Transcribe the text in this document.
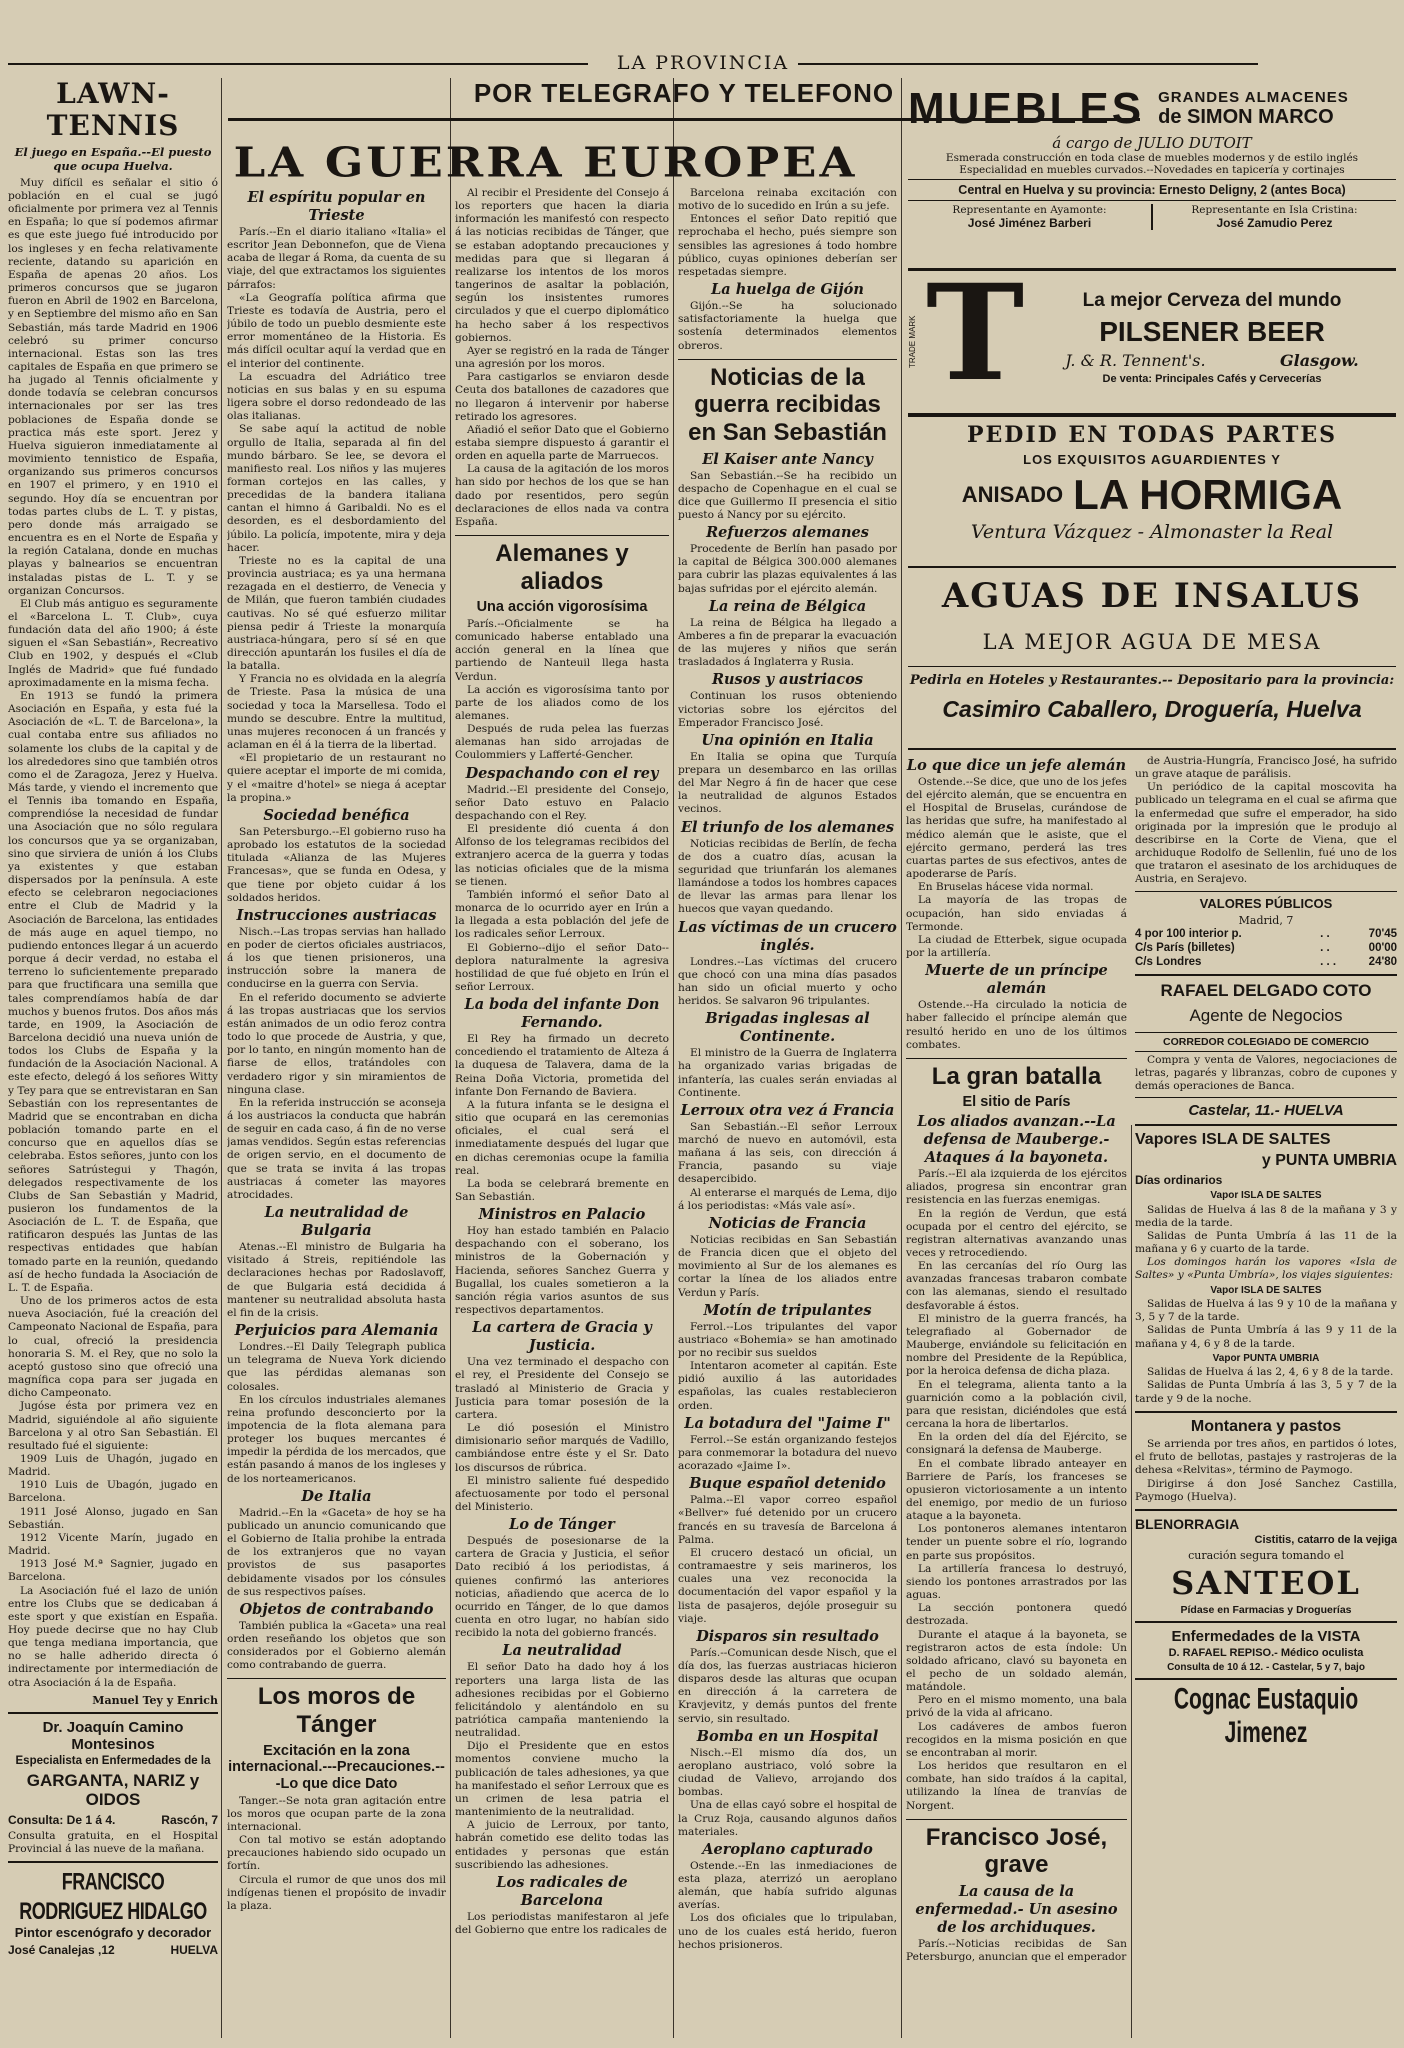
LA PROVINCIA
LAWN-TENNIS
El juego en España.--El puesto que ocupa Huelva.

Muy difícil es señalar el sitio ó población en el cual se jugó oficialmente por primera vez al Tennis en España; lo que sí podemos afirmar es que este juego fué introducido por los ingleses y en fecha relativamente reciente, datando su aparición en España de apenas 20 años. Los primeros concursos que se jugaron fueron en Abril de 1902 en Barcelona, y en Septiembre del mismo año en San Sebastián, más tarde Madrid en 1906 celebró su primer concurso internacional. Estas son las tres capitales de España en que primero se ha jugado al Tennis oficialmente y donde todavía se celebran concursos internacionales por ser las tres poblaciones de España donde se practica más este sport. Jerez y Huelva siguieron inmediatamente al movimiento tennistico de España, organizando sus primeros concursos en 1907 el primero, y en 1910 el segundo. Hoy día se encuentran por todas partes clubs de L. T. y pistas, pero donde más arraigado se encuentra es en el Norte de España y la región Catalana, donde en muchas playas y balnearios se encuentran instaladas pistas de L. T. y se organizan Concursos.

El Club más antiguo es seguramente el «Barcelona L. T. Club», cuya fundación data del año 1900; á éste siguen el «San Sebastián», Recreativo Club en 1902, y después el «Club Inglés de Madrid» que fué fundado aproximadamente en la misma fecha.

En 1913 se fundó la primera Asociación en España, y esta fué la Asociación de «L. T. de Barcelona», la cual contaba entre sus afiliados no solamente los clubs de la capital y de los alrededores sino que también otros como el de Zaragoza, Jerez y Huelva. Más tarde, y viendo el incremento que el Tennis iba tomando en España, comprendióse la necesidad de fundar una Asociación que no sólo regulara los concursos que ya se organizaban, sino que sirviera de unión á los Clubs ya existentes y que estaban dispersados por la península. A este efecto se celebraron negociaciones entre el Club de Madrid y la Asociación de Barcelona, las entidades de más auge en aquel tiempo, no pudiendo entonces llegar á un acuerdo porque á decir verdad, no estaba el terreno lo suficientemente preparado para que fructificara una semilla que tales comprendíamos había de dar muchos y buenos frutos. Dos años más tarde, en 1909, la Asociación de Barcelona decidió una nueva unión de todos los Clubs de España y la fundación de la Asociación Nacional. A este efecto, delegó á los señores Witty y Tey para que se entrevistaran en San Sebastián con los representantes de Madrid que se encontraban en dicha población tomando parte en el concurso que en aquellos días se celebraba. Estos señores, junto con los señores Satrústegui y Thagón, delegados respectivamente de los Clubs de San Sebastián y Madrid, pusieron los fundamentos de la Asociación de L. T. de España, que ratificaron después las Juntas de las respectivas entidades que habían tomado parte en la reunión, quedando así de hecho fundada la Asociación de L. T. de España.

Uno de los primeros actos de esta nueva Asociación, fué la creación del Campeonato Nacional de España, para lo cual, ofreció la presidencia honoraria S. M. el Rey, que no solo la aceptó gustoso sino que ofreció una magnífica copa para ser jugada en dicho Campeonato.

Jugóse ésta por primera vez en Madrid, siguiéndole al año siguiente Barcelona y al otro San Sebastián. El resultado fué el siguiente:

1909 Luis de Uhagón, jugado en Madrid.

1910 Luis de Ubagón, jugado en Barcelona.

1911 José Alonso, jugado en San Sebastián.

1912 Vicente Marín, jugado en Madrid.

1913 José M.ª Sagnier, jugado en Barcelona.

La Asociación fué el lazo de unión entre los Clubs que se dedicaban á este sport y que existían en España. Hoy puede decirse que no hay Club que tenga mediana importancia, que no se halle adherido directa ó indirectamente por intermediación de otra Asociación á la de España.

Manuel Tey y Enrich
Dr. Joaquín Camino Montesinos
Especialista en Enfermedades de la
GARGANTA, NARIZ y OIDOS
Consulta: De 1 á 4.	Rascón, 7

Consulta gratuita, en el Hospital Provincial á las nueve de la mañana.

FRANCISCO RODRIGUEZ HIDALGO
Pintor escenógrafo y decorador
José Canalejas ,12	HUELVA
POR TELEGRAFO Y TELEFONO
LA GUERRA EUROPEA
El espíritu popular en Trieste

París.--En el diario italiano «Italia» el escritor Jean Debonnefon, que de Viena acaba de llegar á Roma, da cuenta de su viaje, del que extractamos los siguientes párrafos:

«La Geografía política afirma que Trieste es todavía de Austria, pero el júbilo de todo un pueblo desmiente este error momentáneo de la Historia. Es más difícil ocultar aquí la verdad que en el interior del continente.

La escuadra del Adriático tree noticias en sus balas y en su espuma ligera sobre el dorso redondeado de las olas italianas.

Se sabe aquí la actitud de noble orgullo de Italia, separada al fin del mundo bárbaro. Se lee, se devora el manifiesto real. Los niños y las mujeres forman cortejos en las calles, y precedidas de la bandera italiana cantan el himno á Garibaldi. No es el desorden, es el desbordamiento del júbilo. La policía, impotente, mira y deja hacer.

Trieste no es la capital de una provincia austriaca; es ya una hermana rezagada en el destierro, de Venecia y de Milán, que fueron también ciudades cautivas. No sé qué esfuerzo militar piensa pedir á Trieste la monarquía austriaca-húngara, pero sí sé en que dirección apuntarán los fusiles el día de la batalla.

Y Francia no es olvidada en la alegría de Trieste. Pasa la música de una sociedad y toca la Marsellesa. Todo el mundo se descubre. Entre la multitud, unas mujeres reconocen á un francés y aclaman en él á la tierra de la libertad.

«El propietario de un restaurant no quiere aceptar el importe de mi comida, y el «maitre d'hotel» se niega á aceptar la propina.»

Sociedad benéfica

San Petersburgo.--El gobierno ruso ha aprobado los estatutos de la sociedad titulada «Alianza de las Mujeres Francesas», que se funda en Odesa, y que tiene por objeto cuidar á los soldados heridos.

Instrucciones austriacas

Nisch.--Las tropas servias han hallado en poder de ciertos oficiales austriacos, á los que tienen prisioneros, una instrucción sobre la manera de conducirse en la guerra con Servia.

En el referido documento se advierte á las tropas austriacas que los servios están animados de un odio feroz contra todo lo que procede de Austria, y que, por lo tanto, en ningún momento han de fiarse de ellos, tratándoles con verdadero rigor y sin miramientos de ninguna clase.

En la referida instrucción se aconseja á los austriacos la conducta que habrán de seguir en cada caso, á fin de no verse jamas vendidos. Según estas referencias de origen servio, en el documento de que se trata se invita á las tropas austriacas á cometer las mayores atrocidades.

La neutralidad de Bulgaria

Atenas.--El ministro de Bulgaria ha visitado á Streis, repitiéndole las declaraciones hechas por Radoslavoff, de que Bulgaria está decidida á mantener su neutralidad absoluta hasta el fin de la crisis.

Perjuicios para Alemania

Londres.--El Daily Telegraph publica un telegrama de Nueva York diciendo que las pérdidas alemanas son colosales.

En los círculos industriales alemanes reina profundo desconcierto por la impotencia de la flota alemana para proteger los buques mercantes é impedir la pérdida de los mercados, que están pasando á manos de los ingleses y de los norteamericanos.

De Italia

Madrid.--En la «Gaceta» de hoy se ha publicado un anuncio comunicando que el Gobierno de Italia prohibe la entrada de los extranjeros que no vayan provistos de sus pasaportes debidamente visados por los cónsules de sus respectivos países.

Objetos de contrabando

También publica la «Gaceta» una real orden reseñando los objetos que son considerados por el Gobierno alemán como contrabando de guerra.

Los moros de Tánger
Excitación en la zona internacional.---Precauciones.---Lo que dice Dato

Tanger.--Se nota gran agitación entre los moros que ocupan parte de la zona internacional.

Con tal motivo se están adoptando precauciones habiendo sido ocupado un fortín.

Circula el rumor de que unos dos mil indígenas tienen el propósito de invadir la plaza.

Al recibir el Presidente del Consejo á los reporters que hacen la diaria información les manifestó con respecto á las noticias recibidas de Tánger, que se estaban adoptando precauciones y medidas para que si llegaran á realizarse los intentos de los moros tangerinos de asaltar la población, según los insistentes rumores circulados y que el cuerpo diplomático ha hecho saber á los respectivos gobiernos.

Ayer se registró en la rada de Tánger una agresión por los moros.

Para castigarlos se enviaron desde Ceuta dos batallones de cazadores que no llegaron á intervenir por haberse retirado los agresores.

Añadió el señor Dato que el Gobierno estaba siempre dispuesto á garantir el orden en aquella parte de Marruecos.

La causa de la agitación de los moros han sido por hechos de los que se han dado por resentidos, pero según declaraciones de ellos nada va contra España.

Alemanes y aliados
Una acción vigorosísima

París.--Oficialmente se ha comunicado haberse entablado una acción general en la línea que partiendo de Nanteuil llega hasta Verdun.

La acción es vigorosísima tanto por parte de los aliados como de los alemanes.

Después de ruda pelea las fuerzas alemanas han sido arrojadas de Coulommiers y Lafferté-Gencher.

Despachando con el rey

Madrid.--El presidente del Consejo, señor Dato estuvo en Palacio despachando con el Rey.

El presidente dió cuenta á don Alfonso de los telegramas recibidos del extranjero acerca de la guerra y todas las noticias oficiales que de la misma se tienen.

También informó el señor Dato al monarca de lo ocurrido ayer en Irún a la llegada a esta población del jefe de los radicales señor Lerroux.

El Gobierno--dijo el señor Dato--deplora naturalmente la agresiva hostilidad de que fué objeto en Irún el señor Lerroux.

La boda del infante Don Fernando.

El Rey ha firmado un decreto concediendo el tratamiento de Alteza á la duquesa de Talavera, dama de la Reina Doña Victoria, prometida del infante Don Fernando de Baviera.

A la futura infanta se le designa el sitio que ocupará en las ceremonias oficiales, el cual será el inmediatamente después del lugar que en dichas ceremonias ocupe la familia real.

La boda se celebrará bremente en San Sebastián.

Ministros en Palacio

Hoy han estado también en Palacio despachando con el soberano, los ministros de la Gobernación y Hacienda, señores Sanchez Guerra y Bugallal, los cuales sometieron a la sanción régia varios asuntos de sus respectivos departamentos.

La cartera de Gracia y Justicia.

Una vez terminado el despacho con el rey, el Presidente del Consejo se trasladó al Ministerio de Gracia y Justicia para tomar posesión de la cartera.

Le dió posesión el Ministro dimisionario señor marqués de Vadillo, cambiándose entre éste y el Sr. Dato los discursos de rúbrica.

El ministro saliente fué despedido afectuosamente por todo el personal del Ministerio.

Lo de Tánger

Después de posesionarse de la cartera de Gracia y Justicia, el señor Dato recibió á los periodistas, á quienes confirmó las anteriores noticias, añadiendo que acerca de lo ocurrido en Tánger, de lo que damos cuenta en otro lugar, no habían sido recibido la nota del gobierno francés.

La neutralidad

El señor Dato ha dado hoy á los reporters una larga lista de las adhesiones recibidas por el Gobierno felicitándolo y alentándolo en su patriótica campaña manteniendo la neutralidad.

Dijo el Presidente que en estos momentos conviene mucho la publicación de tales adhesiones, ya que ha manifestado el señor Lerroux que es un crimen de lesa patria el mantenimiento de la neutralidad.

A juicio de Lerroux, por tanto, habrán cometido ese delito todas las entidades y personas que están suscribiendo las adhesiones.

Los radicales de Barcelona

Los periodistas manifestaron al jefe del Gobierno que entre los radicales de

Barcelona reinaba excitación con motivo de lo sucedido en Irún a su jefe.

Entonces el señor Dato repitió que reprochaba el hecho, pués siempre son sensibles las agresiones á todo hombre público, cuyas opiniones deberían ser respetadas siempre.

La huelga de Gijón

Gijón.--Se ha solucionado satisfactoriamente la huelga que sostenía determinados elementos obreros.

Noticias de la guerra recibidas en San Sebastián
El Kaiser ante Nancy

San Sebastián.--Se ha recibido un despacho de Copenhague en el cual se dice que Guillermo II presencia el sitio puesto á Nancy por su ejército.

Refuerzos alemanes

Procedente de Berlín han pasado por la capital de Bélgica 300.000 alemanes para cubrir las plazas equivalentes á las bajas sufridas por el ejército alemán.

La reina de Bélgica

La reina de Bélgica ha llegado a Amberes a fin de preparar la evacuación de las mujeres y niños que serán trasladados á Inglaterra y Rusia.

Rusos y austriacos

Continuan los rusos obteniendo victorias sobre los ejércitos del Emperador Francisco José.

Una opinión en Italia

En Italia se opina que Turquía prepara un desembarco en las orillas del Mar Negro á fin de hacer que cese la neutralidad de algunos Estados vecinos.

El triunfo de los alemanes

Noticias recibidas de Berlín, de fecha de dos a cuatro días, acusan la seguridad que triunfarán los alemanes llamándose a todos los hombres capaces de llevar las armas para llenar los huecos que vayan quedando.

Las víctimas de un crucero inglés.

Londres.--Las víctimas del crucero que chocó con una mina días pasados han sido un oficial muerto y ocho heridos. Se salvaron 96 tripulantes.

Brigadas inglesas al Continente.

El ministro de la Guerra de Inglaterra ha organizado varias brigadas de infantería, las cuales serán enviadas al Continente.

Lerroux otra vez á Francia

San Sebastián.--El señor Lerroux marchó de nuevo en automóvil, esta mañana á las seis, con dirección á Francia, pasando su viaje desapercibido.

Al enterarse el marqués de Lema, dijo á los periodistas: «Más vale así».

Noticias de Francia

Noticias recibidas en San Sebastián de Francia dicen que el objeto del movimiento al Sur de los alemanes es cortar la línea de los aliados entre Verdun y París.

Motín de tripulantes

Ferrol.--Los tripulantes del vapor austriaco «Bohemia» se han amotinado por no recibir sus sueldos

Intentaron acometer al capitán. Este pidió auxilio á las autoridades españolas, las cuales restablecieron orden.

La botadura del "Jaime I"

Ferrol.--Se están organizando festejos para conmemorar la botadura del nuevo acorazado «Jaime I».

Buque español detenido

Palma.--El vapor correo español «Bellver» fué detenido por un crucero francés en su travesía de Barcelona á Palma.

El crucero destacó un oficial, un contramaestre y seis marineros, los cuales una vez reconocida la documentación del vapor español y la lista de pasajeros, dejóle proseguir su viaje.

Disparos sin resultado

París.--Comunican desde Nisch, que el día dos, las fuerzas austriacas hicieron disparos desde las alturas que ocupan en dirección á la carretera de Kravjevitz, y demás puntos del frente servio, sin resultado.

Bomba en un Hospital

Nisch.--El mismo día dos, un aeroplano austriaco, voló sobre la ciudad de Valievo, arrojando dos bombas.

Una de ellas cayó sobre el hospital de la Cruz Roja, causando algunos daños materiales.

Aeroplano capturado

Ostende.--En las inmediaciones de esta plaza, aterrizó un aeroplano alemán, que había sufrido algunas averías.

Los dos oficiales que lo tripulaban, uno de los cuales está herido, fueron hechos prisioneros.

MUEBLES GRANDES ALMACENES
de SIMON MARCO
á cargo de JULIO DUTOIT
Esmerada construcción en toda clase de muebles modernos y de estilo inglés
Especialidad en muebles curvados.--Novedades en tapicería y cortinajes
Central en Huelva y su provincia: Ernesto Deligny, 2 (antes Boca)
Representante en Ayamonte:
José Jiménez Barberi
Representante en Isla Cristina:
José Zamudio Perez
TRADE MARK T	La mejor Cerveza del mundo
PILSENER BEER
J. & R. Tennent's.	Glasgow.
De venta: Principales Cafés y Cervecerías
PEDID EN TODAS PARTES
LOS EXQUISITOS AGUARDIENTES Y
ANISADO LA HORMIGA
Ventura Vázquez - Almonaster la Real
AGUAS DE INSALUS
LA MEJOR AGUA DE MESA
Pedirla en Hoteles y Restaurantes.-- Depositario para la provincia:
Casimiro Caballero, Droguería, Huelva
Lo que dice un jefe alemán

Ostende.--Se dice, que uno de los jefes del ejército alemán, que se encuentra en el Hospital de Bruselas, curándose de las heridas que sufre, ha manifestado al médico alemán que le asiste, que el ejército germano, perderá las tres cuartas partes de sus efectivos, antes de apoderarse de París.

En Bruselas hácese vida normal.

La mayoría de las tropas de ocupación, han sido enviadas á Termonde.

La ciudad de Etterbek, sigue ocupada por la artillería.

Muerte de un príncipe alemán

Ostende.--Ha circulado la noticia de haber fallecido el príncipe alemán que resultó herido en uno de los últimos combates.

La gran batalla
El sitio de París
Los aliados avanzan.--La defensa de Mauberge.-Ataques á la bayoneta.

París.--El ala izquierda de los ejércitos aliados, progresa sin encontrar gran resistencia en las fuerzas enemigas.

En la región de Verdun, que está ocupada por el centro del ejército, se registran alternativas avanzando unas veces y retrocediendo.

En las cercanías del río Ourg las avanzadas francesas trabaron combate con las alemanas, siendo el resultado desfavorable á éstos.

El ministro de la guerra francés, ha telegrafiado al Gobernador de Mauberge, enviándole su felicitación en nombre del Presidente de la República, por la heroica defensa de dicha plaza.

En el telegrama, alienta tanto a la guarnición como a la población civil, para que resistan, diciéndoles que está cercana la hora de libertarlos.

En la orden del día del Ejército, se consignará la defensa de Mauberge.

En el combate librado anteayer en Barriere de París, los franceses se opusieron victoriosamente a un intento del enemigo, por medio de un furioso ataque a la bayoneta.

Los pontoneros alemanes intentaron tender un puente sobre el río, logrando en parte sus propósitos.

La artillería francesa lo destruyó, siendo los pontones arrastrados por las aguas.

La sección pontonera quedó destrozada.

Durante el ataque á la bayoneta, se registraron actos de esta índole: Un soldado africano, clavó su bayoneta en el pecho de un soldado alemán, matándole.

Pero en el mismo momento, una bala privó de la vida al africano.

Los cadáveres de ambos fueron recogidos en la misma posición en que se encontraban al morir.

Los heridos que resultaron en el combate, han sido traídos á la capital, utilizando la línea de tranvías de Norgent.

Francisco José, grave
La causa de la enfermedad.- Un asesino de los archiduques.

París.--Noticias recibidas de San Petersburgo, anuncian que el emperador

de Austria-Hungría, Francisco José, ha sufrido un grave ataque de parálisis.

Un periódico de la capital moscovita ha publicado un telegrama en el cual se afirma que la enfermedad que sufre el emperador, ha sido originada por la impresión que le produjo al describirse en la Corte de Viena, que el archiduque Rodolfo de Sellenlin, fué uno de los que trataron el asesinato de los archiduques de Austria, en Serajevo.

VALORES PÚBLICOS
Madrid, 7
4 por 100 interior p.	. .	70'45
C/s París (billetes)	. .	00'00
C/s Londres	. . .	24'80
RAFAEL DELGADO COTO
Agente de Negocios
CORREDOR COLEGIADO DE COMERCIO

Compra y venta de Valores, negociaciones de letras, pagarés y libranzas, cobro de cupones y demás operaciones de Banca.

Castelar, 11.- HUELVA
Vapores ISLA DE SALTES
y PUNTA UMBRIA
Días ordinarios
Vapor ISLA DE SALTES

Salidas de Huelva á las 8 de la mañana y 3 y media de la tarde.

Salidas de Punta Umbría á las 11 de la mañana y 6 y cuarto de la tarde.

Los domingos harán los vapores «Isla de Saltes» y «Punta Umbría», los viajes siguientes:

Vapor ISLA DE SALTES

Salidas de Huelva á las 9 y 10 de la mañana y 3, 5 y 7 de la tarde.

Salidas de Punta Umbría á las 9 y 11 de la mañana y 4, 6 y 8 de la tarde.

Vapor PUNTA UMBRIA

Salidas de Huelva á las 2, 4, 6 y 8 de la tarde.

Salidas de Punta Umbría á las 3, 5 y 7 de la tarde y 9 de la noche.

Montanera y pastos

Se arrienda por tres años, en partidos ó lotes, el fruto de bellotas, pastajes y rastrojeras de la dehesa «Relvitas», término de Paymogo.

Dirigirse á don José Sanchez Castilla, Paymogo (Huelva).

BLENORRAGIA
Cistitis, catarro de la vejiga
curación segura tomando el
SANTEOL
Pídase en Farmacias y Droguerías
Enfermedades de la VISTA
D. RAFAEL REPISO.- Médico oculista
Consulta de 10 á 12. - Castelar, 5 y 7, bajo
Cognac Eustaquio Jimenez
